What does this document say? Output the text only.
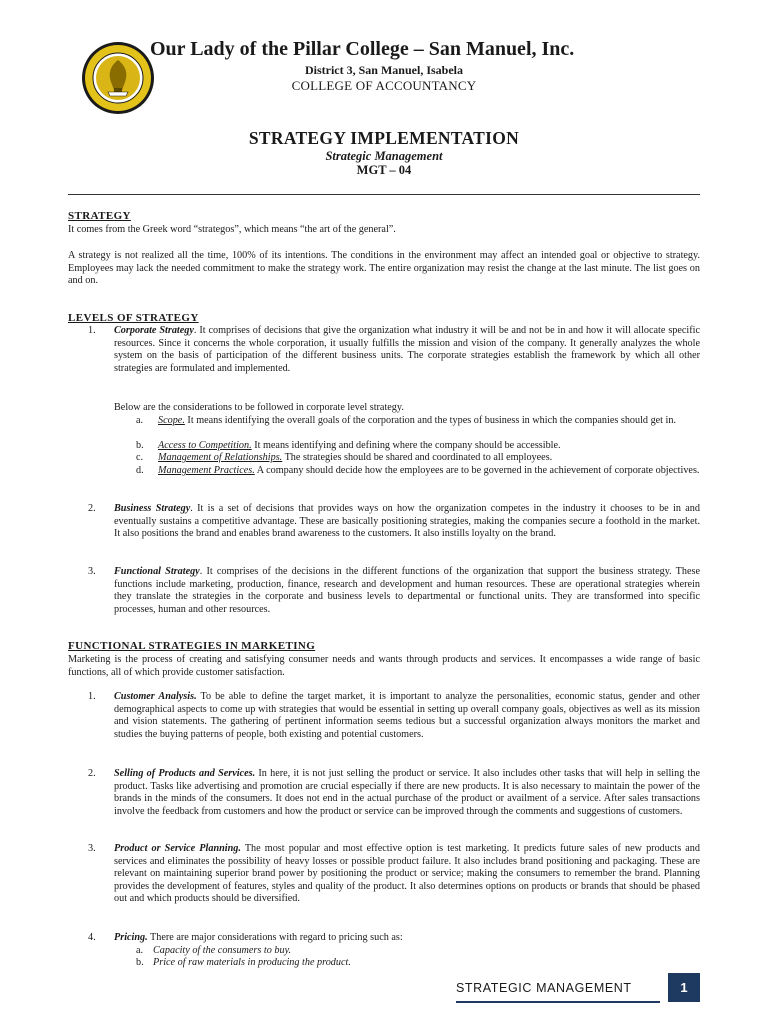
Our Lady of the Pillar College – San Manuel, Inc.
District 3, San Manuel, Isabela
COLLEGE OF ACCOUNTANCY
STRATEGY IMPLEMENTATION
Strategic Management
MGT – 04
STRATEGY
It comes from the Greek word “strategos”, which means “the art of the general”.
A strategy is not realized all the time, 100% of its intentions. The conditions in the environment may affect an intended goal or objective to strategy. Employees may lack the needed commitment to make the strategy work. The entire organization may resist the change at the last minute. The list goes on and on.
LEVELS OF STRATEGY
1. Corporate Strategy. It comprises of decisions that give the organization what industry it will be and not be in and how it will allocate specific resources. Since it concerns the whole corporation, it usually fulfills the mission and vision of the company. It generally analyzes the whole system on the basis of participation of the different business units. The corporate strategies establish the framework by which all other strategies are formulated and implemented.
Below are the considerations to be followed in corporate level strategy.
a. Scope. It means identifying the overall goals of the corporation and the types of business in which the companies should get in.
b. Access to Competition. It means identifying and defining where the company should be accessible.
c. Management of Relationships. The strategies should be shared and coordinated to all employees.
d. Management Practices. A company should decide how the employees are to be governed in the achievement of corporate objectives.
2. Business Strategy. It is a set of decisions that provides ways on how the organization competes in the industry it chooses to be in and eventually sustains a competitive advantage. These are basically positioning strategies, making the companies secure a foothold in the market. It also positions the brand and enables brand awareness to the customers. It also instills loyalty on the brand.
3. Functional Strategy. It comprises of the decisions in the different functions of the organization that support the business strategy. These functions include marketing, production, finance, research and development and human resources. These are operational strategies wherein they translate the strategies in the corporate and business levels to departmental or functional units. They are transformed into specific processes, human and other resources.
FUNCTIONAL STRATEGIES IN MARKETING
Marketing is the process of creating and satisfying consumer needs and wants through products and services. It encompasses a wide range of basic functions, all of which provide customer satisfaction.
1. Customer Analysis. To be able to define the target market, it is important to analyze the personalities, economic status, gender and other demographical aspects to come up with strategies that would be essential in setting up overall company goals, objectives as well as its mission and vision statements. The gathering of pertinent information seems tedious but a successful organization always monitors the market and studies the buying patterns of people, both existing and potential customers.
2. Selling of Products and Services. In here, it is not just selling the product or service. It also includes other tasks that will help in selling the product. Tasks like advertising and promotion are crucial especially if there are new products. It is also necessary to maintain the power of the brands in the minds of the consumers. It does not end in the actual purchase of the product or availment of a service. After sales transactions involve the feedback from customers and how the product or service can be improved through the comments and suggestions of customers.
3. Product or Service Planning. The most popular and most effective option is test marketing. It predicts future sales of new products and services and eliminates the possibility of heavy losses or possible product failure. It also includes brand positioning and packaging. These are relevant on maintaining superior brand power by positioning the product or service; making the consumers to remember the brand. Planning provides the development of features, styles and quality of the product. It also determines options on products or brands that should be phased out and which products should be diversified.
4. Pricing. There are major considerations with regard to pricing such as:
a. Capacity of the consumers to buy.
b. Price of raw materials in producing the product.
STRATEGIC MANAGEMENT	1
